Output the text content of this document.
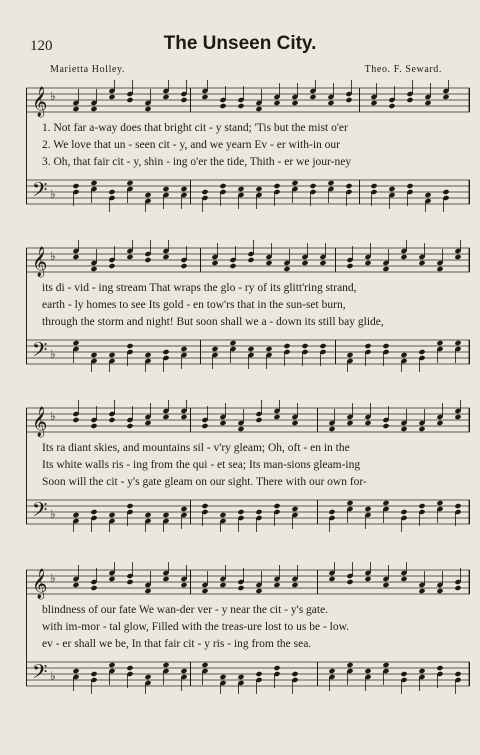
120	The Unseen City.
Marietta Holley.	Theo. F. Seward.
𝄞
𝄢
♭
♭
1. Not far a-way does that bright cit - y stand; 'Tis but the mist o'er
2. We love that un - seen cit - y, and we yearn Ev - er with-in our
3. Oh, that fair cit - y, shin - ing o'er the tide, Thith - er we jour-ney
𝄞
𝄢
♭
♭
its di - vid - ing stream That wraps the glo - ry of its glitt'ring strand,
earth - ly homes to see Its gold - en tow'rs that in the sun-set burn,
through the storm and night! But soon shall we a - down its still bay glide,
𝄞
𝄢
♭
♭
Its ra diant skies, and mountains sil - v'ry gleam; Oh, oft - en in the
Its white walls ris - ing from the qui - et sea; Its man-sions gleam-ing
Soon will the cit - y's gate gleam on our sight. There with our own for-
𝄞
𝄢
♭
♭
blindness of our fate We wan-der ver - y near the cit - y's gate.
with im-mor - tal glow, Filled with the treas-ure lost to us be - low.
ev - er shall we be, In that fair cit - y ris - ing from the sea.
